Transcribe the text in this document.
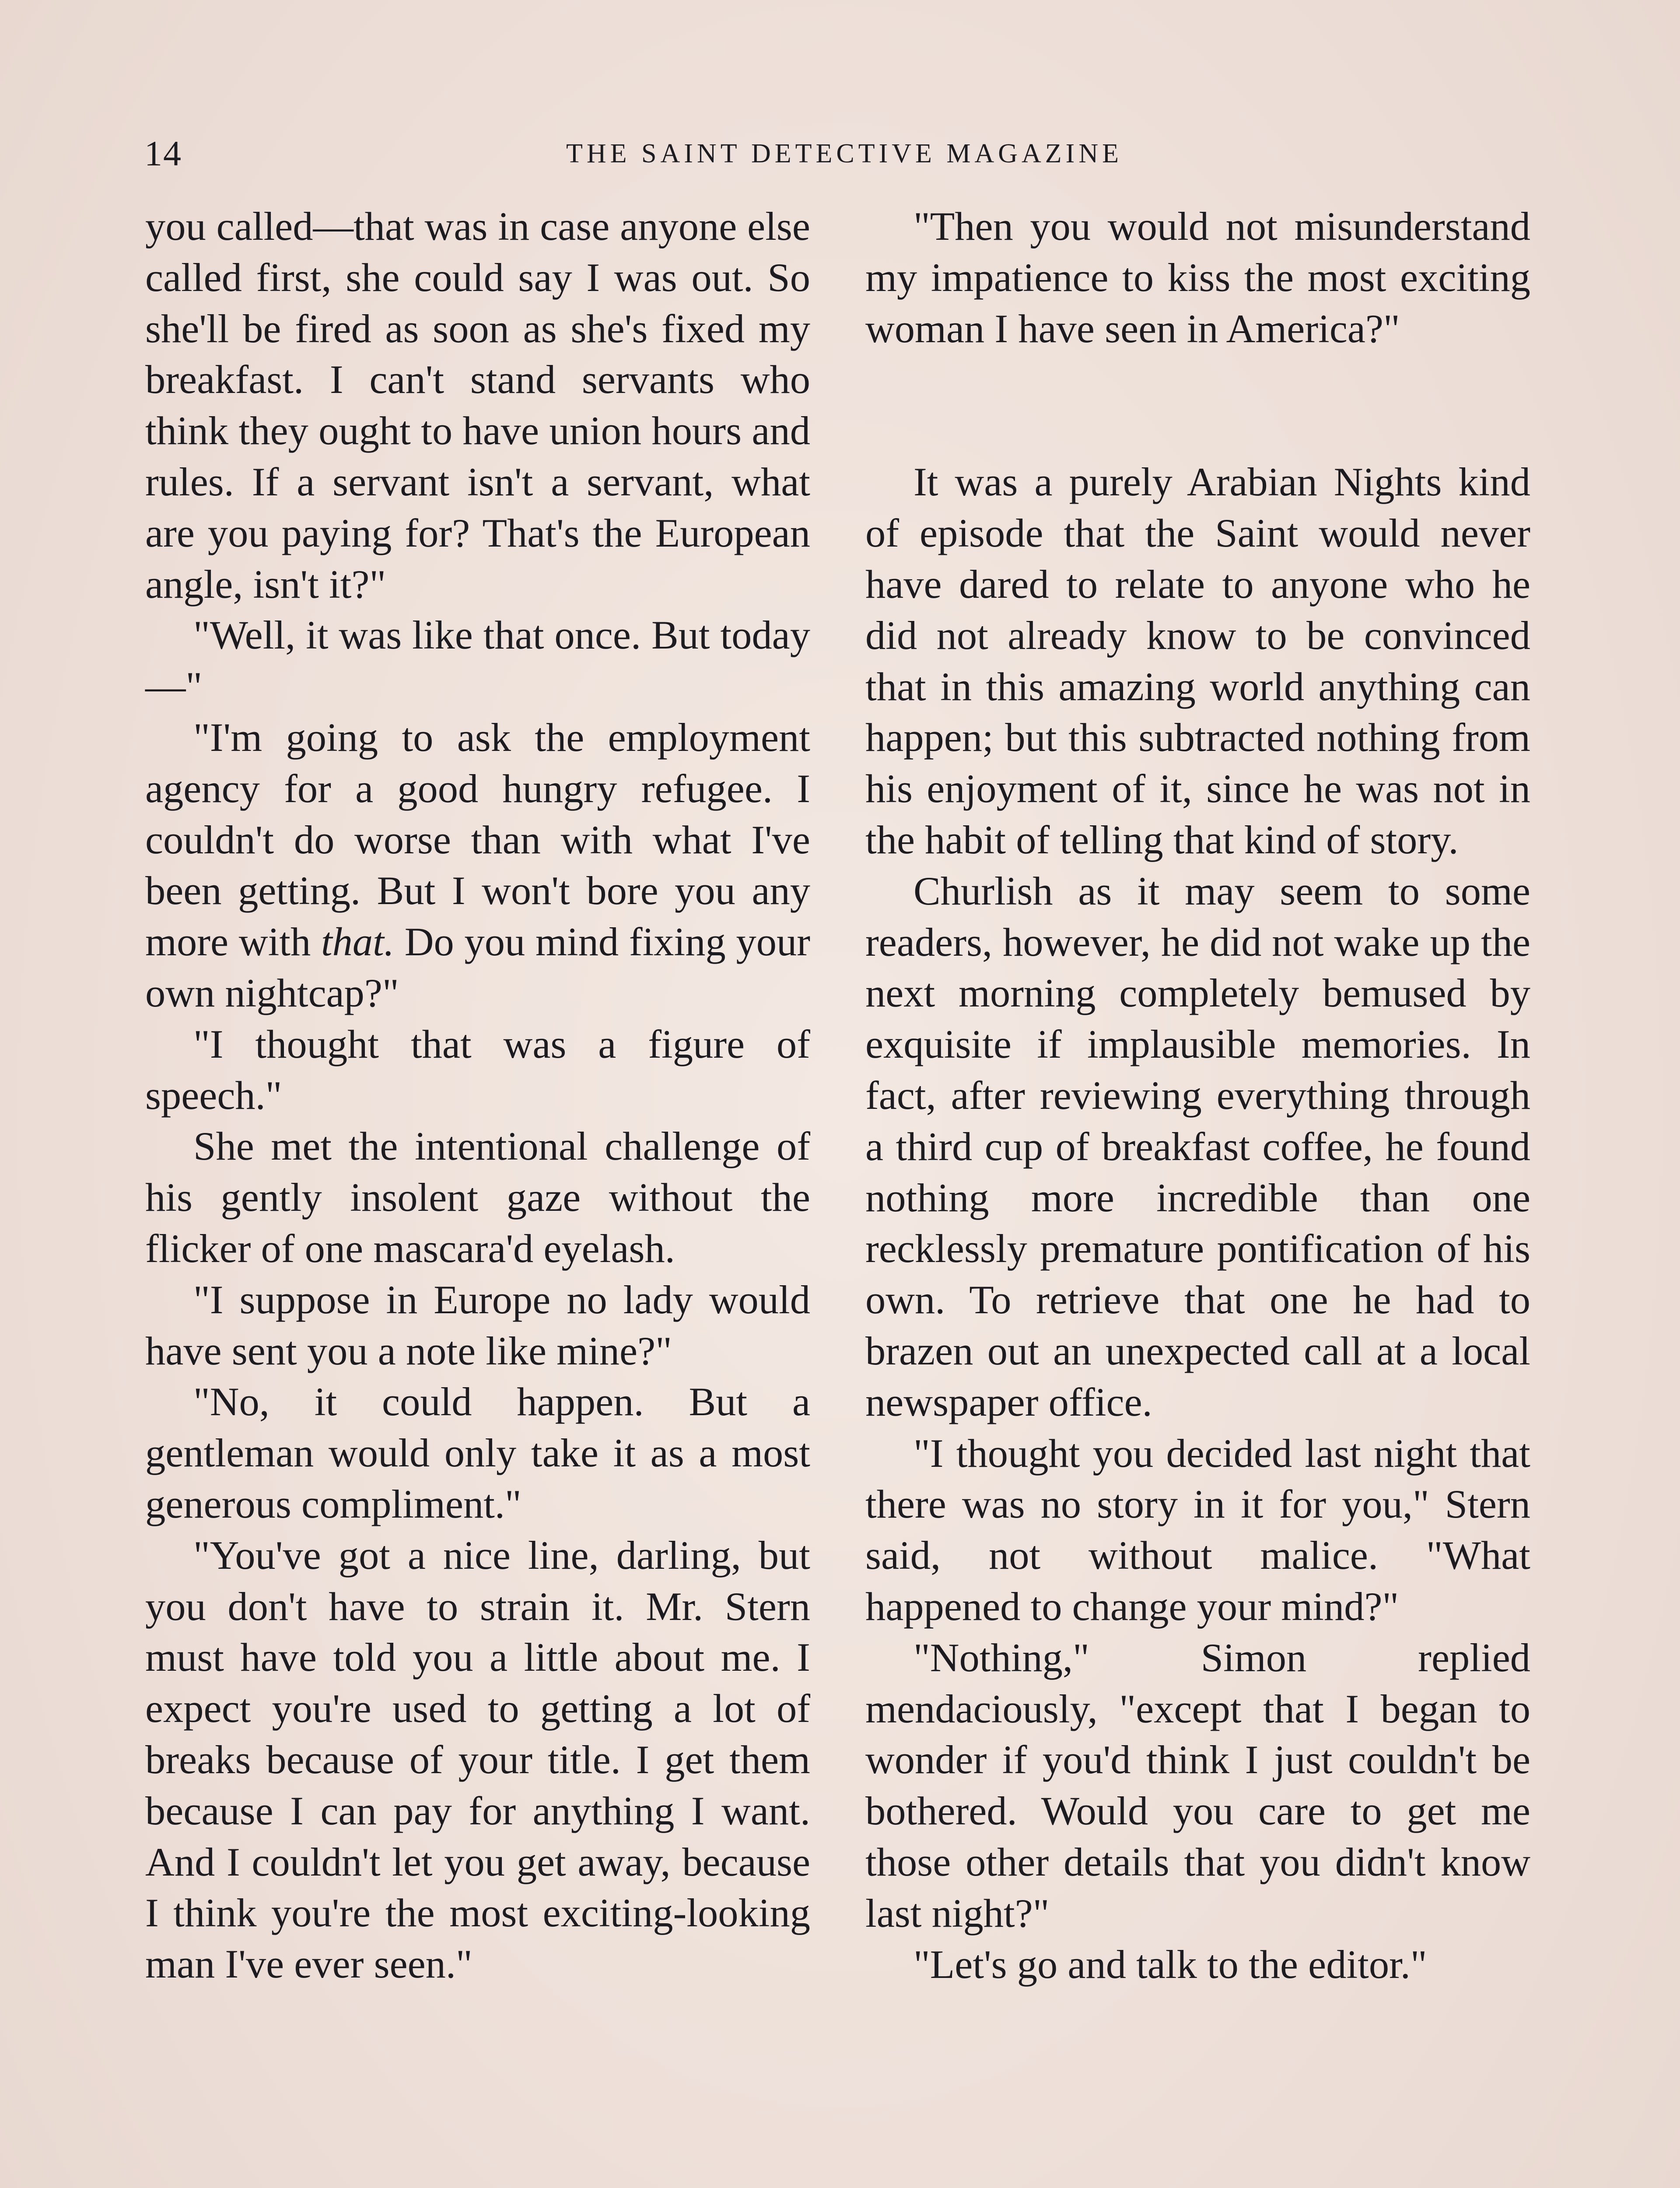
14	THE SAINT DETECTIVE MAGAZINE

you called—that was in case anyone else called first, she could say I was out. So she'll be fired as soon as she's fixed my breakfast. I can't stand servants who think they ought to have union hours and rules. If a servant isn't a servant, what are you paying for? That's the European angle, isn't it?"

"Well, it was like that once. But today—"

"I'm going to ask the employment agency for a good hungry refugee. I couldn't do worse than with what I've been getting. But I won't bore you any more with that. Do you mind fixing your own nightcap?"

"I thought that was a figure of speech."

She met the intentional challenge of his gently insolent gaze without the flicker of one mascara'd eyelash.

"I suppose in Europe no lady would have sent you a note like mine?"

"No, it could happen. But a gentleman would only take it as a most generous compliment."

"You've got a nice line, darling, but you don't have to strain it. Mr. Stern must have told you a little about me. I expect you're used to getting a lot of breaks because of your title. I get them because I can pay for anything I want. And I couldn't let you get away, because I think you're the most exciting-looking man I've ever seen."

"Then you would not misunderstand my impatience to kiss the most exciting woman I have seen in America?"

It was a purely Arabian Nights kind of episode that the Saint would never have dared to relate to anyone who he did not already know to be convinced that in this amazing world anything can happen; but this subtracted nothing from his enjoyment of it, since he was not in the habit of telling that kind of story.

Churlish as it may seem to some readers, however, he did not wake up the next morning completely bemused by exquisite if implausible memories. In fact, after reviewing everything through a third cup of breakfast coffee, he found nothing more incredible than one recklessly premature pontification of his own. To retrieve that one he had to brazen out an unexpected call at a local newspaper office.

"I thought you decided last night that there was no story in it for you," Stern said, not without malice. "What happened to change your mind?"

"Nothing," Simon replied mendaciously, "except that I began to wonder if you'd think I just couldn't be bothered. Would you care to get me those other details that you didn't know last night?"

"Let's go and talk to the editor."
